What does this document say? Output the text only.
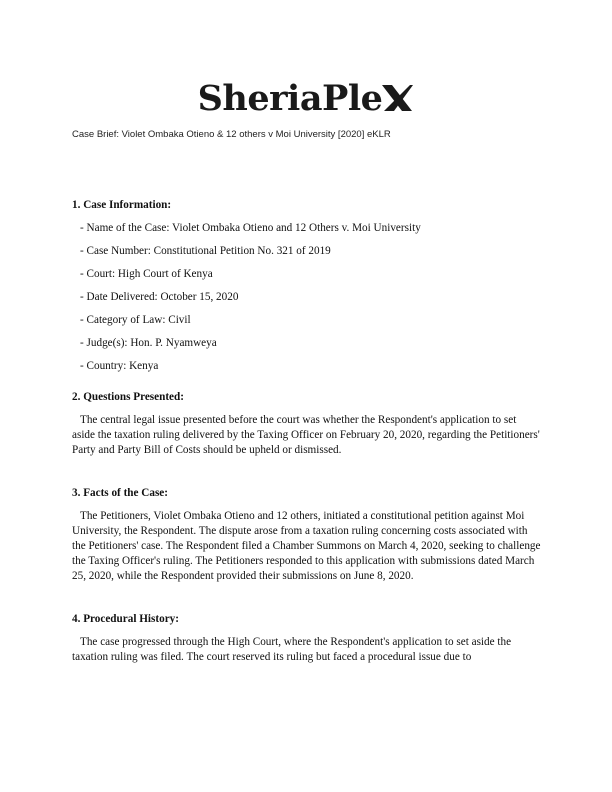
SheriaPle
Case Brief: Violet Ombaka Otieno & 12 others v Moi University [2020] eKLR
1. Case Information:
- Name of the Case: Violet Ombaka Otieno and 12 Others v. Moi University
- Case Number: Constitutional Petition No. 321 of 2019
- Court: High Court of Kenya
- Date Delivered: October 15, 2020
- Category of Law: Civil
- Judge(s): Hon. P. Nyamweya
- Country: Kenya
2. Questions Presented:

The central legal issue presented before the court was whether the Respondent's application to set aside the taxation ruling delivered by the Taxing Officer on February 20, 2020, regarding the Petitioners' Party and Party Bill of Costs should be upheld or dismissed.

3. Facts of the Case:

The Petitioners, Violet Ombaka Otieno and 12 others, initiated a constitutional petition against Moi University, the Respondent. The dispute arose from a taxation ruling concerning costs associated with the Petitioners' case. The Respondent filed a Chamber Summons on March 4, 2020, seeking to challenge the Taxing Officer's ruling. The Petitioners responded to this application with submissions dated March 25, 2020, while the Respondent provided their submissions on June 8, 2020.

4. Procedural History:

The case progressed through the High Court, where the Respondent's application to set aside the taxation ruling was filed. The court reserved its ruling but faced a procedural issue due to
